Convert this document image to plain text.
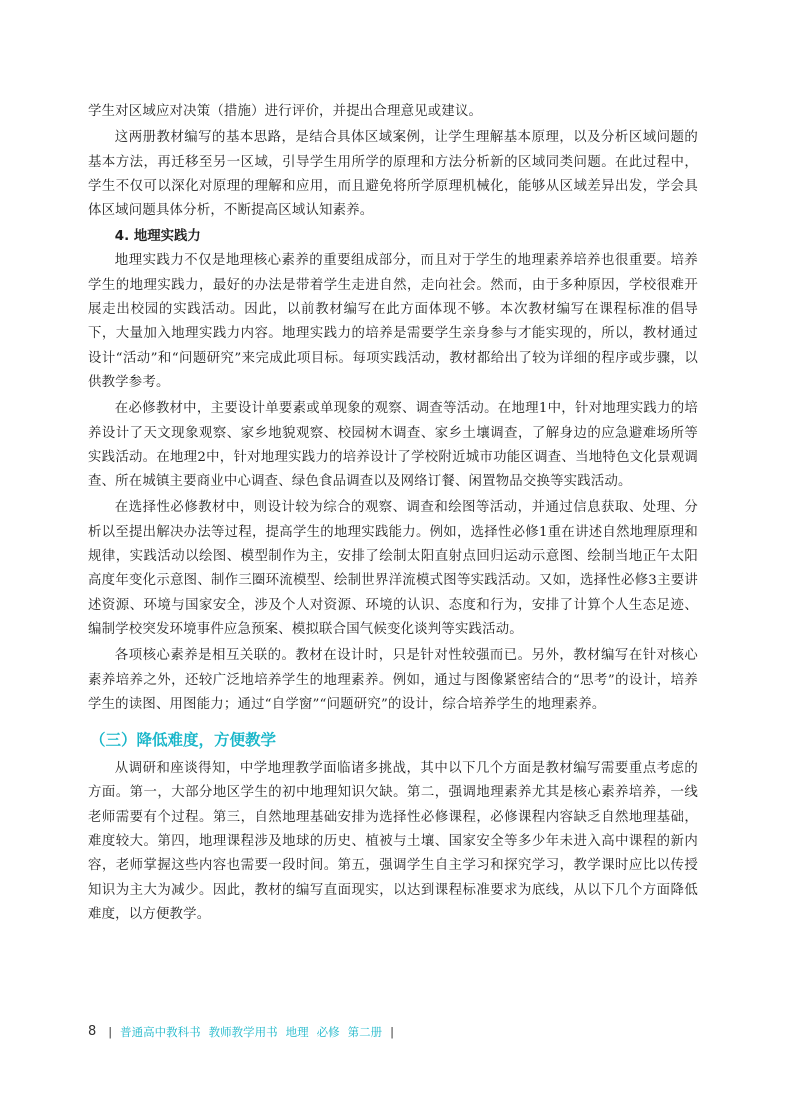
学生对区域应对决策（措施）进行评价，并提出合理意见或建议。

这两册教材编写的基本思路，是结合具体区域案例，让学生理解基本原理，以及分析区域问题的基本方法，再迁移至另一区域，引导学生用所学的原理和方法分析新的区域同类问题。在此过程中，学生不仅可以深化对原理的理解和应用，而且避免将所学原理机械化，能够从区域差异出发，学会具体区域问题具体分析，不断提高区域认知素养。

4. 地理实践力

地理实践力不仅是地理核心素养的重要组成部分，而且对于学生的地理素养培养也很重要。培养学生的地理实践力，最好的办法是带着学生走进自然，走向社会。然而，由于多种原因，学校很难开展走出校园的实践活动。因此，以前教材编写在此方面体现不够。本次教材编写在课程标准的倡导下，大量加入地理实践力内容。地理实践力的培养是需要学生亲身参与才能实现的，所以，教材通过设计“活动”和“问题研究”来完成此项目标。每项实践活动，教材都给出了较为详细的程序或步骤，以供教学参考。

在必修教材中，主要设计单要素或单现象的观察、调查等活动。在地理1中，针对地理实践力的培养设计了天文现象观察、家乡地貌观察、校园树木调查、家乡土壤调查，了解身边的应急避难场所等实践活动。在地理2中，针对地理实践力的培养设计了学校附近城市功能区调查、当地特色文化景观调查、所在城镇主要商业中心调查、绿色食品调查以及网络订餐、闲置物品交换等实践活动。

在选择性必修教材中，则设计较为综合的观察、调查和绘图等活动，并通过信息获取、处理、分析以至提出解决办法等过程，提高学生的地理实践能力。例如，选择性必修1重在讲述自然地理原理和规律，实践活动以绘图、模型制作为主，安排了绘制太阳直射点回归运动示意图、绘制当地正午太阳高度年变化示意图、制作三圈环流模型、绘制世界洋流模式图等实践活动。又如，选择性必修3主要讲述资源、环境与国家安全，涉及个人对资源、环境的认识、态度和行为，安排了计算个人生态足迹、编制学校突发环境事件应急预案、模拟联合国气候变化谈判等实践活动。

各项核心素养是相互关联的。教材在设计时，只是针对性较强而已。另外，教材编写在针对核心素养培养之外，还较广泛地培养学生的地理素养。例如，通过与图像紧密结合的“思考”的设计，培养学生的读图、用图能力；通过“自学窗”“问题研究”的设计，综合培养学生的地理素养。

（三）降低难度，方便教学

从调研和座谈得知，中学地理教学面临诸多挑战，其中以下几个方面是教材编写需要重点考虑的方面。第一，大部分地区学生的初中地理知识欠缺。第二，强调地理素养尤其是核心素养培养，一线老师需要有个过程。第三，自然地理基础安排为选择性必修课程，必修课程内容缺乏自然地理基础，难度较大。第四，地理课程涉及地球的历史、植被与土壤、国家安全等多少年未进入高中课程的新内容，老师掌握这些内容也需要一段时间。第五，强调学生自主学习和探究学习，教学课时应比以传授知识为主大为减少。因此，教材的编写直面现实，以达到课程标准要求为底线，从以下几个方面降低难度，以方便教学。

8 | 普通高中教科书 教师教学用书 地理 必修 第二册 |
